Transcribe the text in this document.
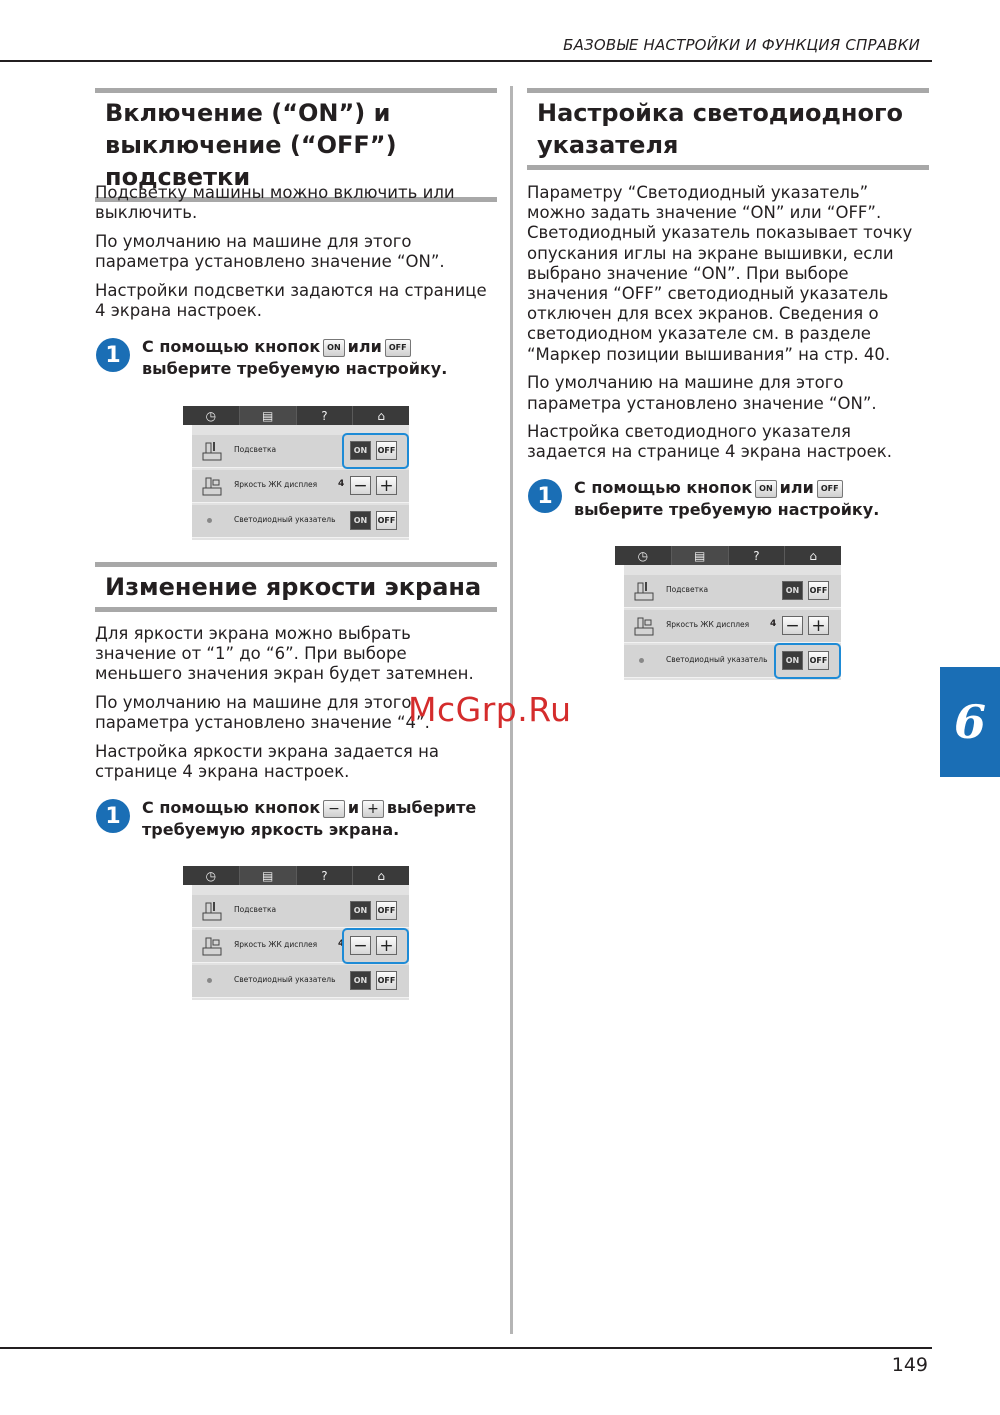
БАЗОВЫЕ НАСТРОЙКИ И ФУНКЦИЯ СПРАВКИ
Включение (“ON”) и
выключение (“OFF”) подсветки

Подсветку машины можно включить или выключить.

По умолчанию на машине для этого параметра установлено значение “ON”.

Настройки подсветки задаются на странице 4 экрана настроек.

1	С помощью кнопок ON или OFFвыберите требуемую настройку.
◷	▤	?	⌂
Подсветка	ON	OFF
Яркость ЖК дисплея 4 − +
Светодиодный указатель	ON	OFF
Изменение яркости экрана

Для яркости экрана можно выбрать значение от “1” до “6”. При выборе меньшего значения экран будет затемнен.

По умолчанию на машине для этого параметра установлено значение “4”.

Настройка яркости экрана задается на странице 4 экрана настроек.

1	С помощью кнопок − и + выберите требуемую яркость экрана.
◷	▤	?	⌂
Подсветка	ON	OFF
Яркость ЖК дисплея 4 − +
Светодиодный указатель	ON	OFF
Настройка светодиодного
указателя

Параметру “Светодиодный указатель” можно задать значение “ON” или “OFF”. Светодиодный указатель показывает точку опускания иглы на экране вышивки, если выбрано значение “ON”. При выборе значения “OFF” светодиодный указатель отключен для всех экранов. Сведения о светодиодном указателе см. в разделе “Маркер позиции вышивания” на стр. 40.

По умолчанию на машине для этого параметра установлено значение “ON”.

Настройка светодиодного указателя задается на странице 4 экрана настроек.

1	С помощью кнопок ON или OFFвыберите требуемую настройку.
◷	▤	?	⌂
Подсветка	ON	OFF
Яркость ЖК дисплея 4 − +
Светодиодный указатель	ON	OFF
6
McGrp.Ru
149
